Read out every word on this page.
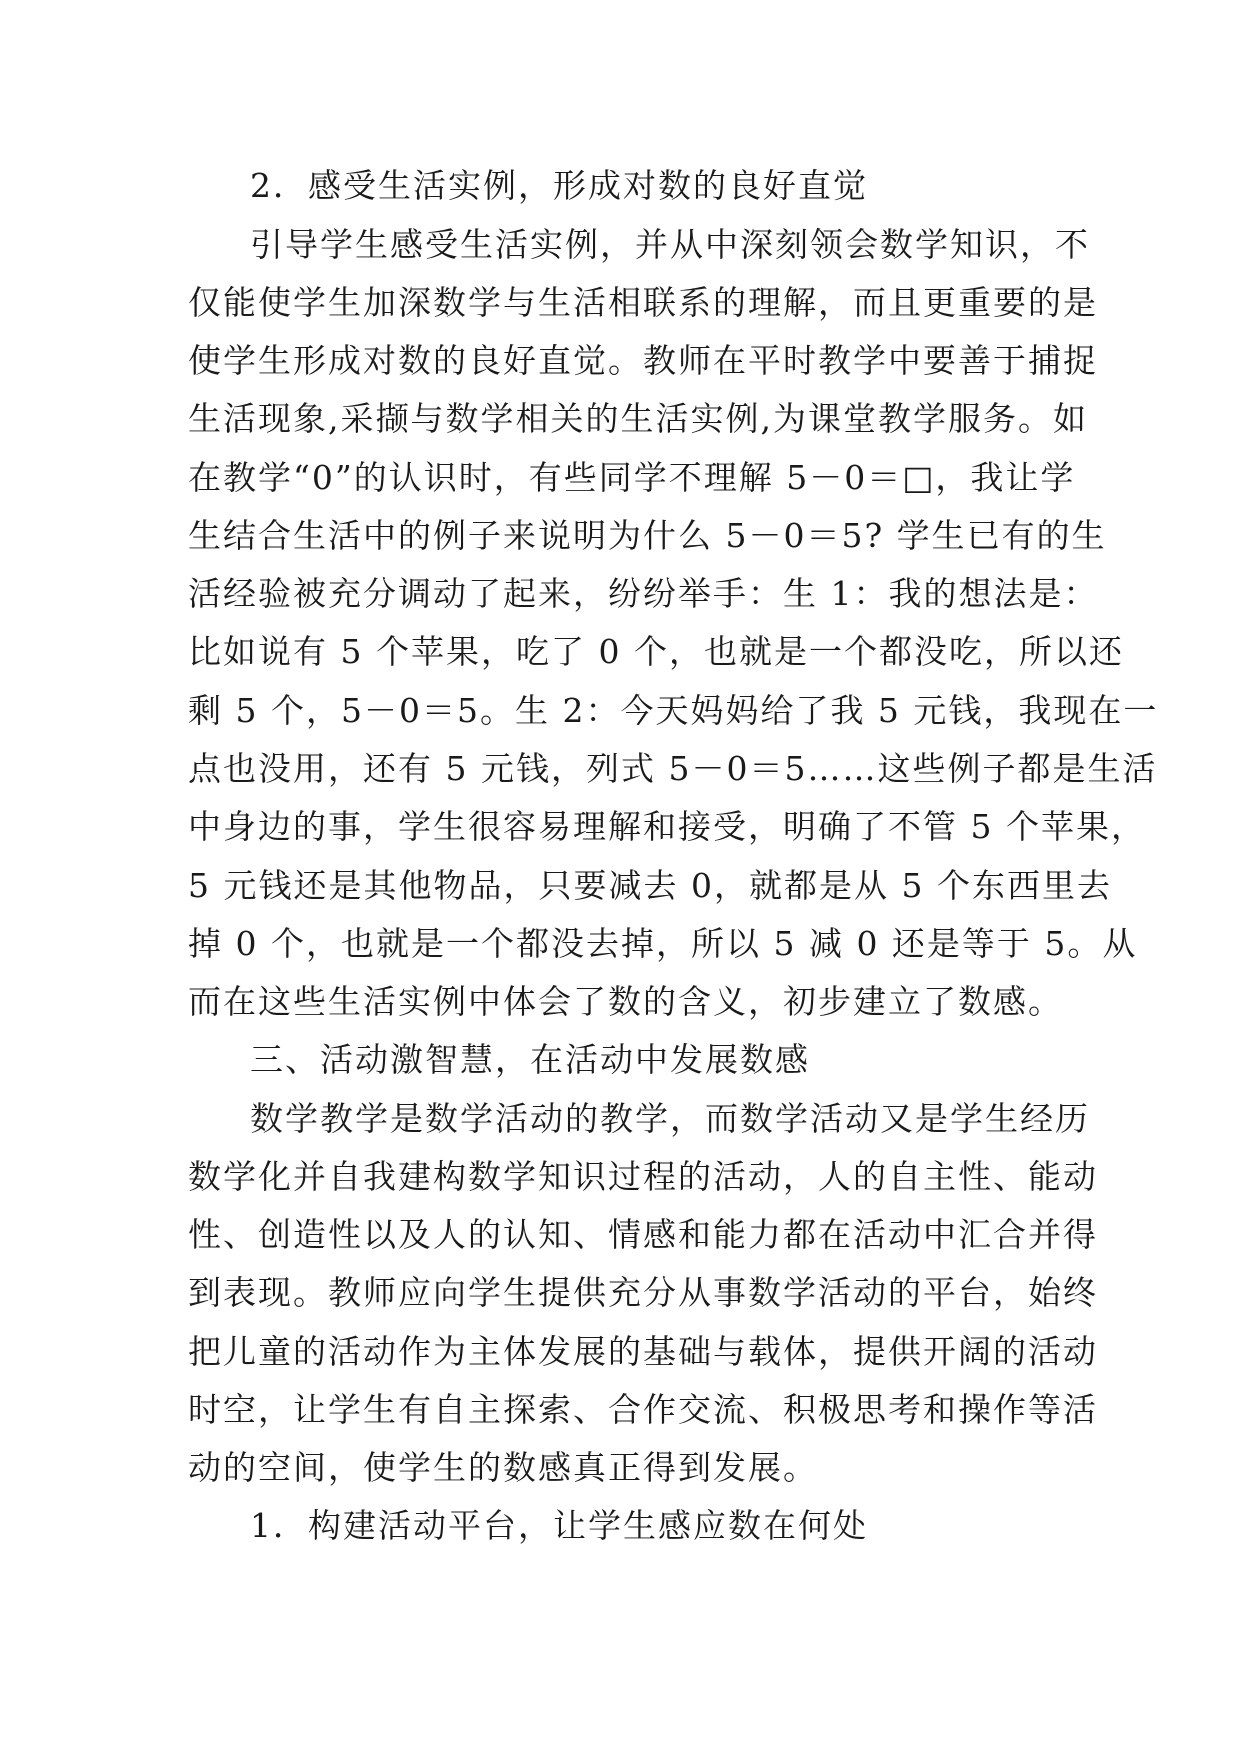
2．感受生活实例，形成对数的良好直觉
引导学生感受生活实例，并从中深刻领会数学知识，不
仅能使学生加深数学与生活相联系的理解，而且更重要的是
使学生形成对数的良好直觉。教师在平时教学中要善于捕捉
生活现象,采撷与数学相关的生活实例,为课堂教学服务。如
在教学“0”的认识时，有些同学不理解 5－0＝□，我让学
生结合生活中的例子来说明为什么 5－0＝5? 学生已有的生
活经验被充分调动了起来，纷纷举手：生 1：我的想法是：
比如说有 5 个苹果，吃了 0 个，也就是一个都没吃，所以还
剩 5 个，5－0＝5。生 2：今天妈妈给了我 5 元钱，我现在一
点也没用，还有 5 元钱，列式 5－0＝5……这些例子都是生活
中身边的事，学生很容易理解和接受，明确了不管 5 个苹果，
5 元钱还是其他物品，只要减去 0，就都是从 5 个东西里去
掉 0 个，也就是一个都没去掉，所以 5 减 0 还是等于 5。从
而在这些生活实例中体会了数的含义，初步建立了数感。
三、活动激智慧，在活动中发展数感
数学教学是数学活动的教学，而数学活动又是学生经历
数学化并自我建构数学知识过程的活动，人的自主性、能动
性、创造性以及人的认知、情感和能力都在活动中汇合并得
到表现。教师应向学生提供充分从事数学活动的平台，始终
把儿童的活动作为主体发展的基础与载体，提供开阔的活动
时空，让学生有自主探索、合作交流、积极思考和操作等活
动的空间，使学生的数感真正得到发展。
1．构建活动平台，让学生感应数在何处
